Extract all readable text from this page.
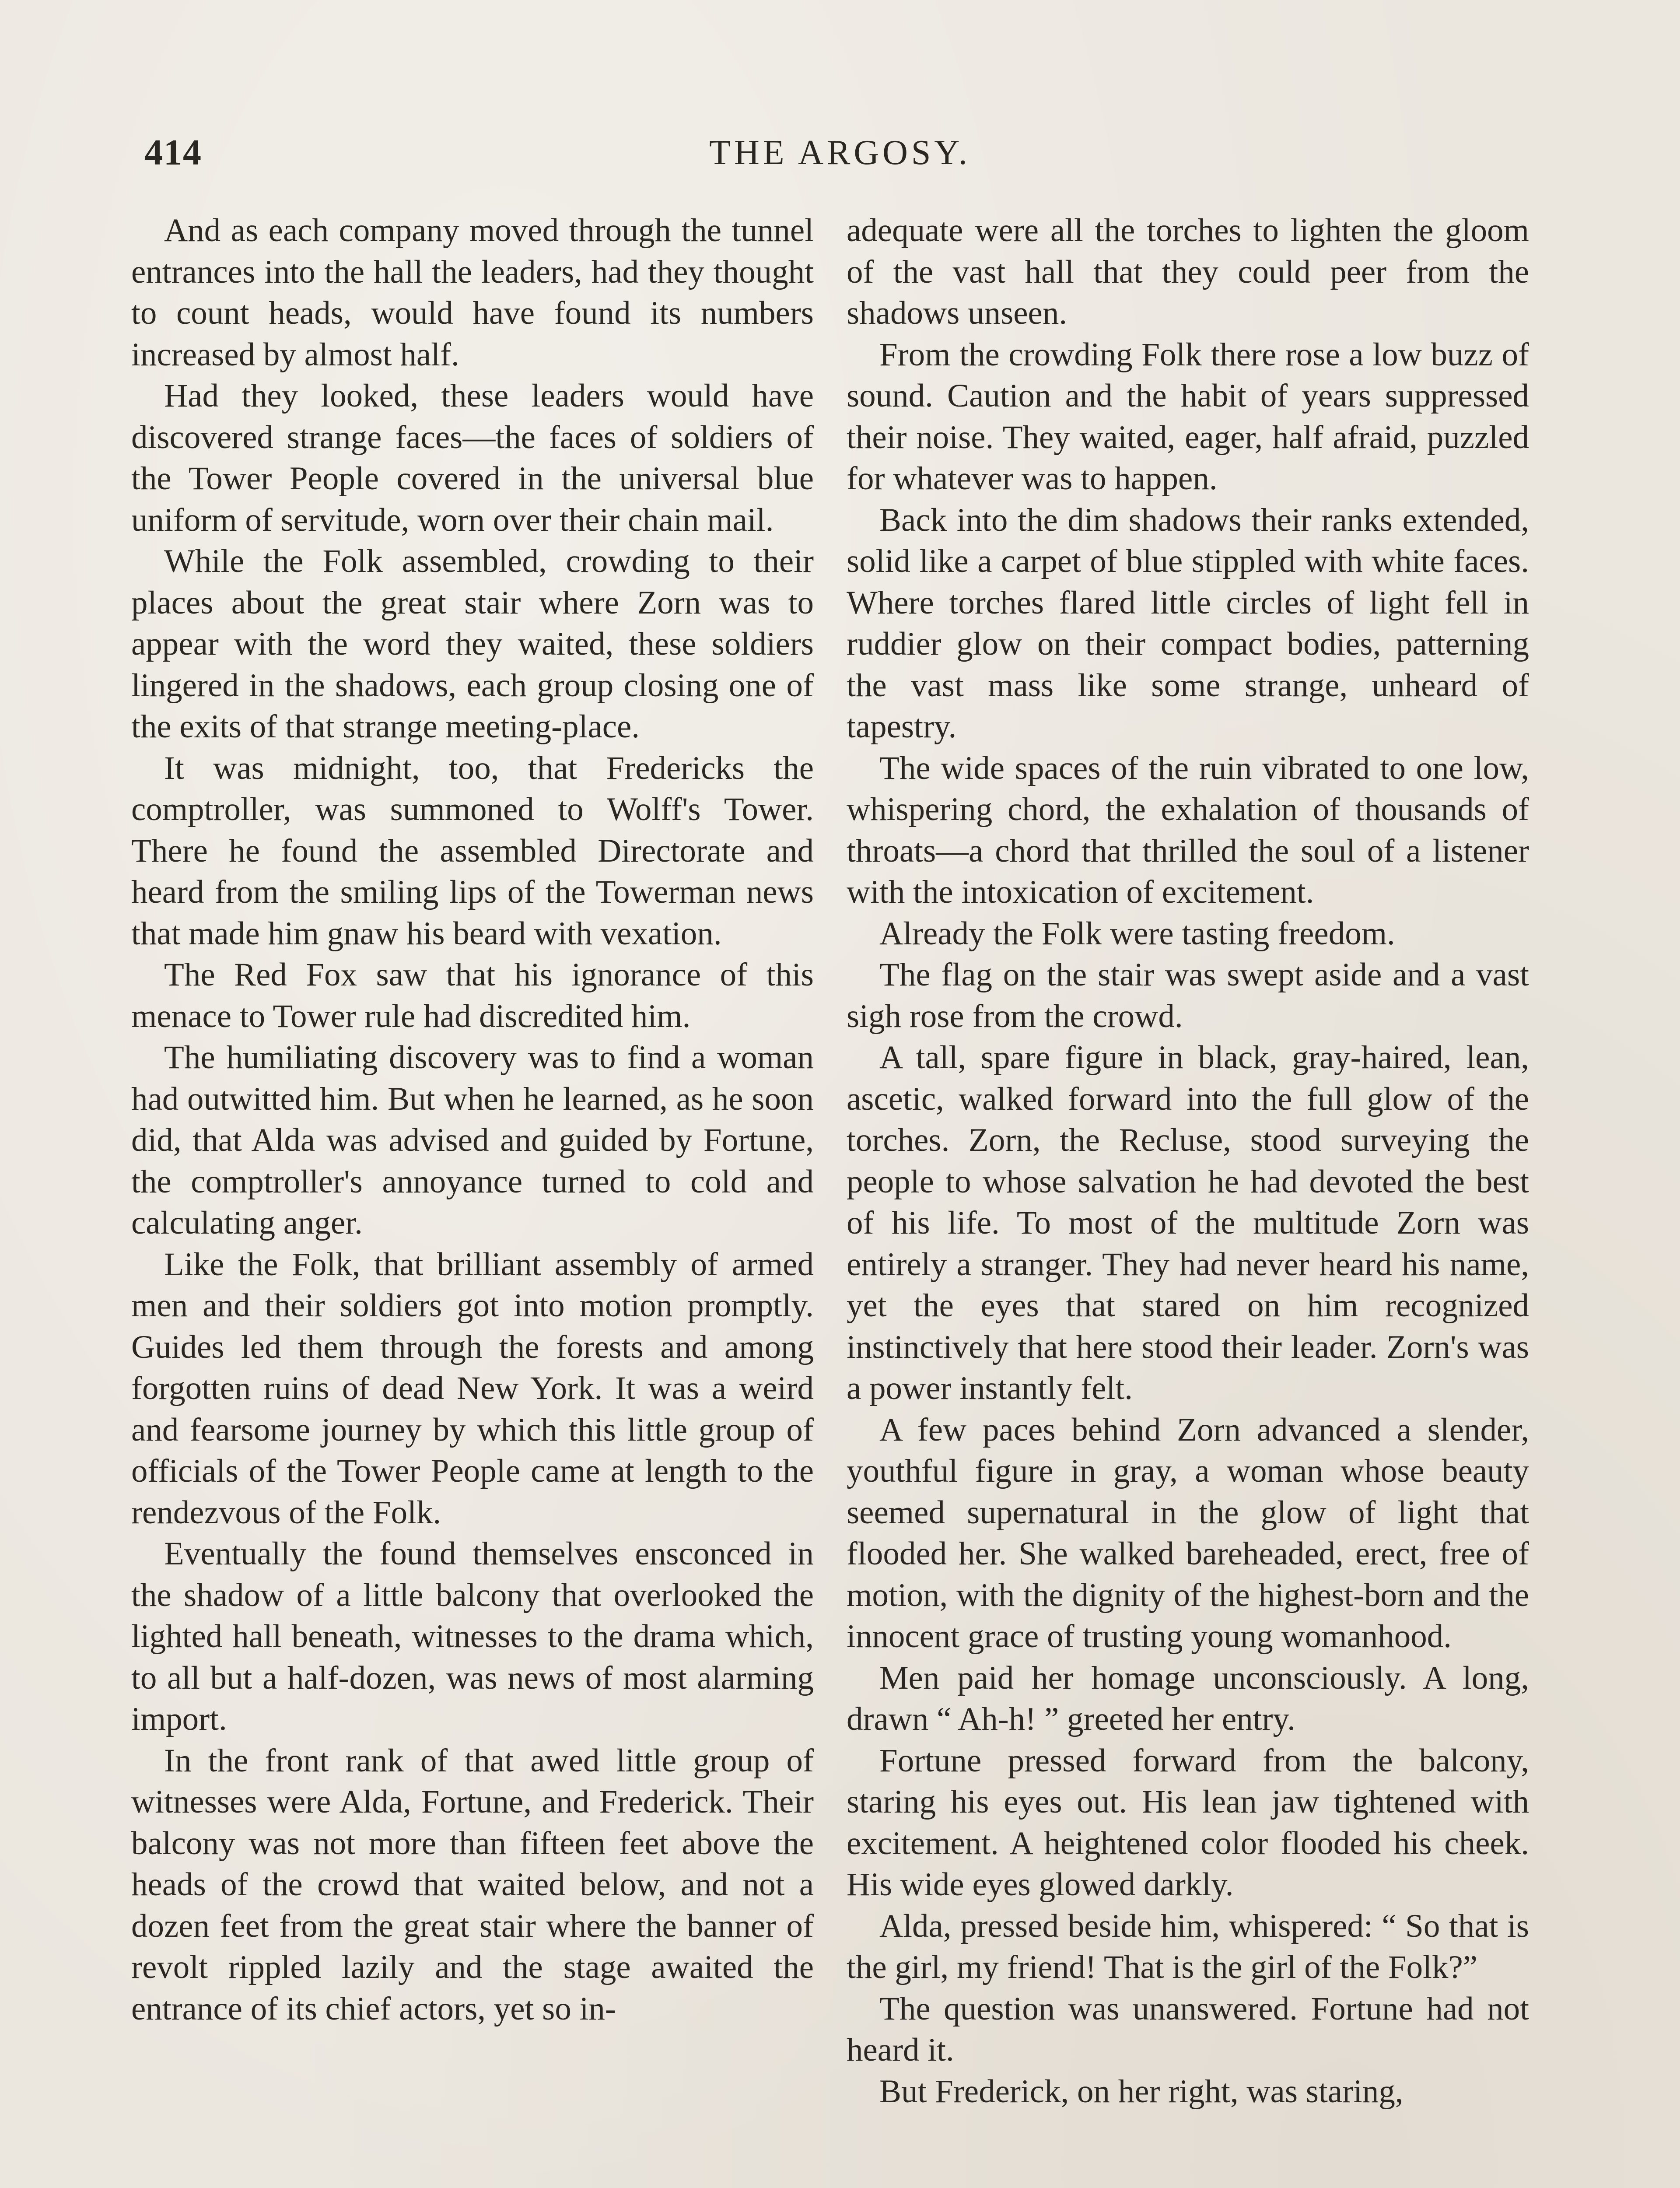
414	THE ARGOSY.

And as each company moved through the tunnel entrances into the hall the leaders, had they thought to count heads, would have found its numbers increased by almost half.

Had they looked, these leaders would have discovered strange faces—the faces of soldiers of the Tower People covered in the universal blue uniform of servitude, worn over their chain mail.

While the Folk assembled, crowding to their places about the great stair where Zorn was to appear with the word they waited, these soldiers lingered in the shadows, each group closing one of the exits of that strange meeting-place.

It was midnight, too, that Fredericks the comptroller, was summoned to Wolff's Tower. There he found the assembled Directorate and heard from the smiling lips of the Towerman news that made him gnaw his beard with vexation.

The Red Fox saw that his ignorance of this menace to Tower rule had discredited him.

The humiliating discovery was to find a woman had outwitted him. But when he learned, as he soon did, that Alda was advised and guided by Fortune, the comptroller's annoyance turned to cold and calculating anger.

Like the Folk, that brilliant assembly of armed men and their soldiers got into motion promptly. Guides led them through the forests and among forgotten ruins of dead New York. It was a weird and fearsome journey by which this little group of officials of the Tower People came at length to the rendezvous of the Folk.

Eventually the found themselves ensconced in the shadow of a little balcony that overlooked the lighted hall beneath, witnesses to the drama which, to all but a half-dozen, was news of most alarming import.

In the front rank of that awed little group of witnesses were Alda, Fortune, and Frederick. Their balcony was not more than fifteen feet above the heads of the crowd that waited below, and not a dozen feet from the great stair where the banner of revolt rippled lazily and the stage awaited the entrance of its chief actors, yet so in-

adequate were all the torches to lighten the gloom of the vast hall that they could peer from the shadows unseen.

From the crowding Folk there rose a low buzz of sound. Caution and the habit of years suppressed their noise. They waited, eager, half afraid, puzzled for whatever was to happen.

Back into the dim shadows their ranks extended, solid like a carpet of blue stippled with white faces. Where torches flared little circles of light fell in ruddier glow on their compact bodies, patterning the vast mass like some strange, unheard of tapestry.

The wide spaces of the ruin vibrated to one low, whispering chord, the exhalation of thousands of throats—a chord that thrilled the soul of a listener with the intoxication of excitement.

Already the Folk were tasting freedom.

The flag on the stair was swept aside and a vast sigh rose from the crowd.

A tall, spare figure in black, gray-haired, lean, ascetic, walked forward into the full glow of the torches. Zorn, the Recluse, stood surveying the people to whose salvation he had devoted the best of his life. To most of the multitude Zorn was entirely a stranger. They had never heard his name, yet the eyes that stared on him recognized instinctively that here stood their leader. Zorn's was a power instantly felt.

A few paces behind Zorn advanced a slender, youthful figure in gray, a woman whose beauty seemed supernatural in the glow of light that flooded her. She walked bareheaded, erect, free of motion, with the dignity of the highest-born and the innocent grace of trusting young womanhood.

Men paid her homage unconsciously. A long, drawn “ Ah-h! ” greeted her entry.

Fortune pressed forward from the balcony, staring his eyes out. His lean jaw tightened with excitement. A heightened color flooded his cheek. His wide eyes glowed darkly.

Alda, pressed beside him, whispered: “ So that is the girl, my friend! That is the girl of the Folk?”

The question was unanswered. Fortune had not heard it.

But Frederick, on her right, was staring,
